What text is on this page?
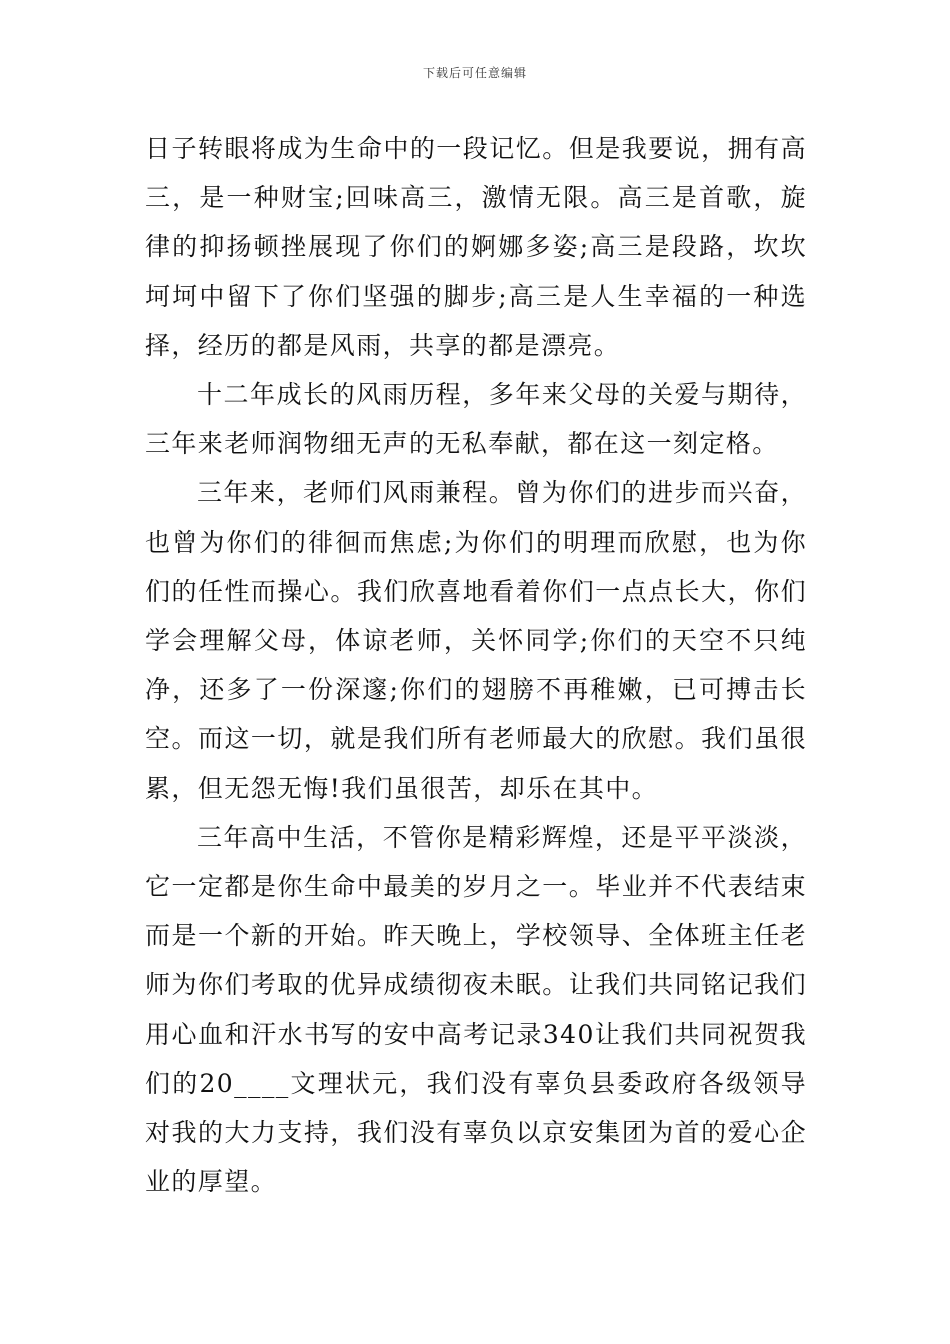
下载后可任意编辑

日子转眼将成为生命中的一段记忆。但是我要说，拥有高三，是一种财宝;回味高三，激情无限。高三是首歌，旋律的抑扬顿挫展现了你们的婀娜多姿;高三是段路，坎坎坷坷中留下了你们坚强的脚步;高三是人生幸福的一种选择，经历的都是风雨，共享的都是漂亮。

十二年成长的风雨历程，多年来父母的关爱与期待，三年来老师润物细无声的无私奉献，都在这一刻定格。

三年来，老师们风雨兼程。曾为你们的进步而兴奋，也曾为你们的徘徊而焦虑;为你们的明理而欣慰，也为你们的任性而操心。我们欣喜地看着你们一点点长大，你们学会理解父母，体谅老师，关怀同学;你们的天空不只纯净，还多了一份深邃;你们的翅膀不再稚嫩，已可搏击长空。而这一切，就是我们所有老师最大的欣慰。我们虽很累，但无怨无悔!我们虽很苦，却乐在其中。

三年高中生活，不管你是精彩辉煌，还是平平淡淡，它一定都是你生命中最美的岁月之一。毕业并不代表结束而是一个新的开始。昨天晚上，学校领导、全体班主任老师为你们考取的优异成绩彻夜未眠。让我们共同铭记我们用心血和汗水书写的安中高考记录340让我们共同祝贺我们的20____文理状元，我们没有辜负县委政府各级领导对我的大力支持，我们没有辜负以京安集团为首的爱心企业的厚望。
